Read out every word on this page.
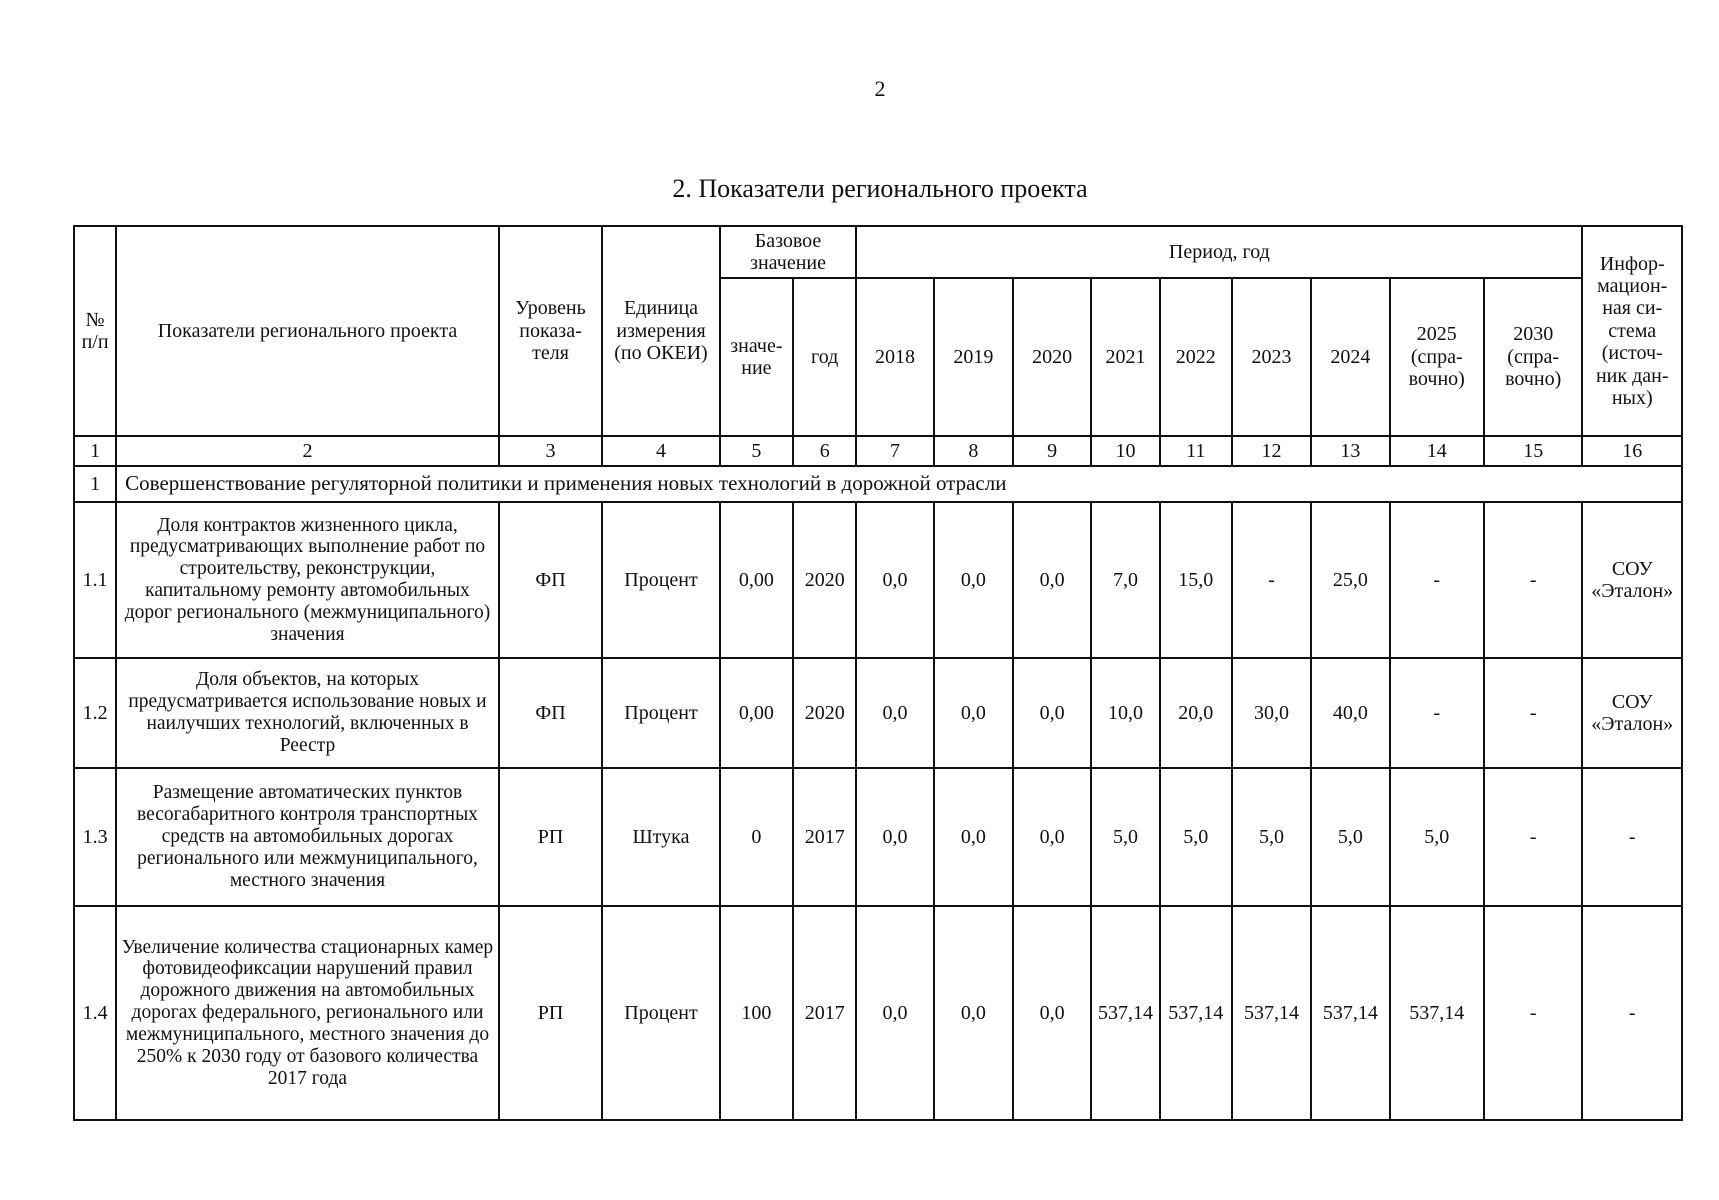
2
2. Показатели регионального проекта
№ п/п	Показатели регионального проекта	Уровень показа-теля	Единица измерения (по ОКЕИ)	Базовое значение		Период, год									Инфор-мацион-ная си-стема (источ-ник дан-ных)
				значе-ние	год	2018	2019	2020	2021	2022	2023	2024	2025 (спра-вочно)	2030 (спра-вочно)	
1	2	3	4	5	6	7	8	9	10	11	12	13	14	15	16
1	Совершенствование регуляторной политики и применения новых технологий в дорожной отрасли														
1.1	Доля контрактов жизненного цикла, предусматривающих выполнение работ по строительству, реконструкции, капитальному ремонту автомобильных дорог регионального (межмуниципального) значения	ФП	Процент	0,00	2020	0,0	0,0	0,0	7,0	15,0	-	25,0	-	-	СОУ «Эталон»
1.2	Доля объектов, на которых предусматривается использование новых и наилучших технологий, включенных в Реестр	ФП	Процент	0,00	2020	0,0	0,0	0,0	10,0	20,0	30,0	40,0	-	-	СОУ «Эталон»
1.3	Размещение автоматических пунктов весогабаритного контроля транспортных средств на автомобильных дорогах регионального или межмуниципального, местного значения	РП	Штука	0	2017	0,0	0,0	0,0	5,0	5,0	5,0	5,0	5,0	-	-
1.4	Увеличение количества стационарных камер фотовидеофиксации нарушений правил дорожного движения на автомобильных дорогах федерального, регионального или межмуниципального, местного значения до 250% к 2030 году от базового количества 2017 года	РП	Процент	100	2017	0,0	0,0	0,0	537,14	537,14	537,14	537,14	537,14	-	-
